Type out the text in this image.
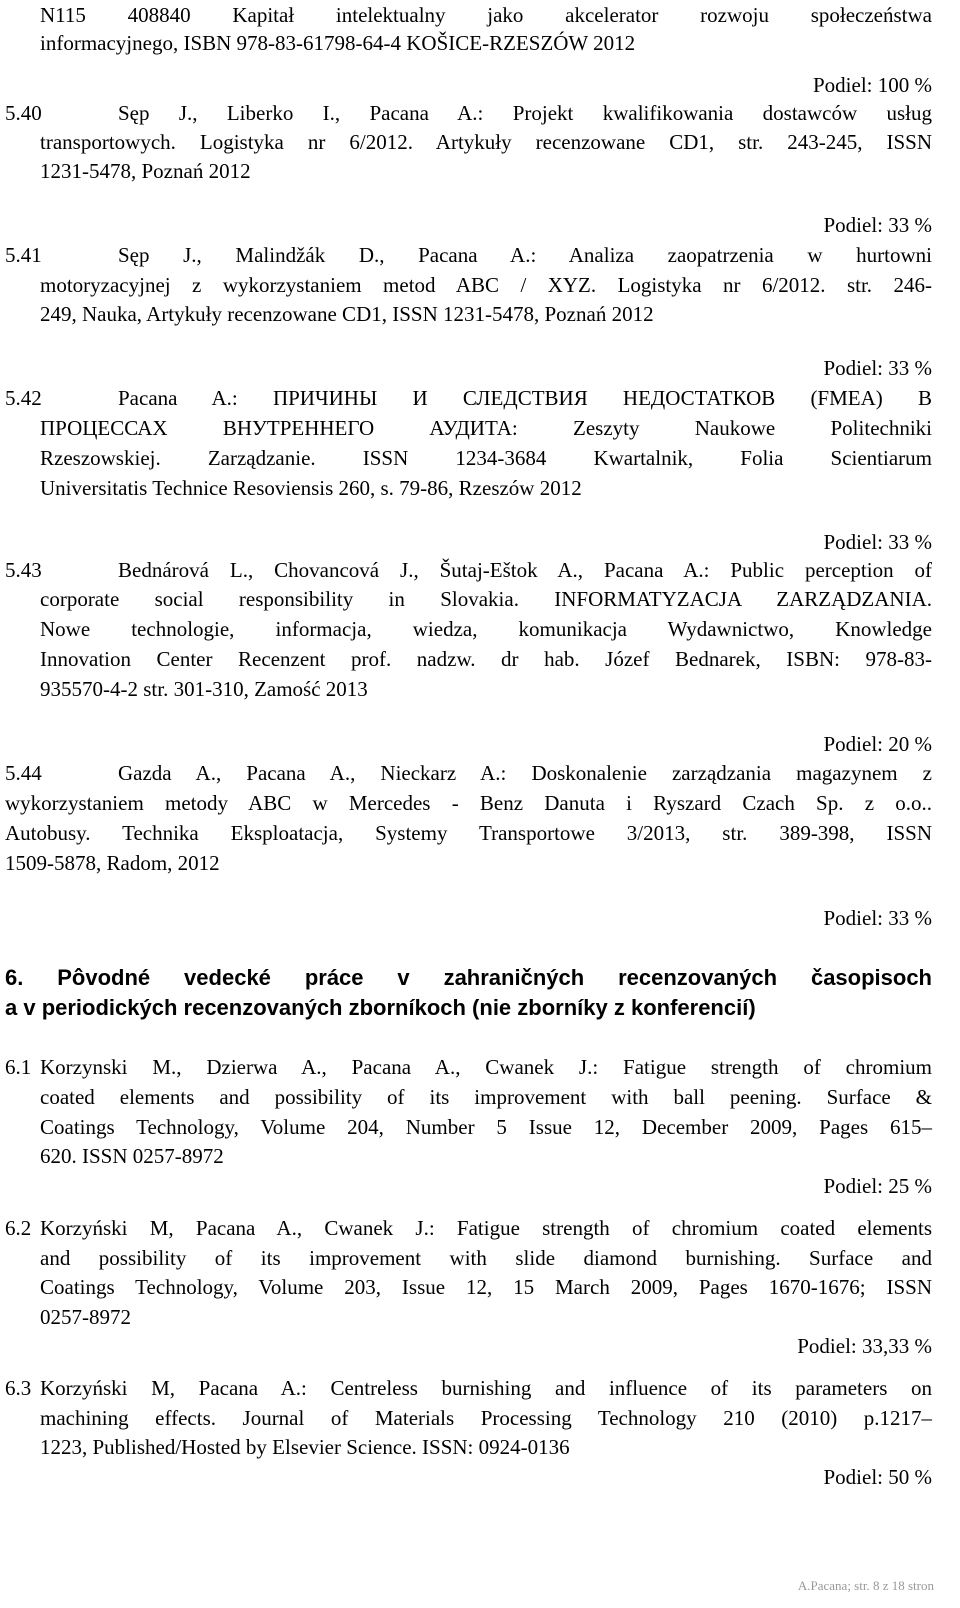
N115 408840 Kapitał intelektualny jako akcelerator rozwoju społeczeństwa
informacyjnego, ISBN 978-83-61798-64-4 KOŠICE-RZESZÓW 2012
Podiel: 100 %
5.40	Sęp J., Liberko I., Pacana A.: Projekt kwalifikowania dostawców usług
transportowych. Logistyka nr 6/2012. Artykuły recenzowane CD1, str. 243-245, ISSN
1231-5478, Poznań 2012
Podiel: 33 %
5.41	Sęp J., Malindžák D., Pacana A.: Analiza zaopatrzenia w hurtowni
motoryzacyjnej z wykorzystaniem metod ABC / XYZ. Logistyka nr 6/2012. str. 246-
249, Nauka, Artykuły recenzowane CD1, ISSN 1231-5478, Poznań 2012
Podiel: 33 %
5.42	Pacana A.: ПРИЧИНЫ И СЛЕДСТВИЯ НЕДОСТАТКОВ (FMEA) В
ПРОЦЕССАХ ВНУТРЕННЕГО АУДИТА: Zeszyty Naukowe Politechniki
Rzeszowskiej. Zarządzanie. ISSN 1234-3684 Kwartalnik, Folia Scientiarum
Universitatis Technice Resoviensis 260, s. 79-86, Rzeszów 2012
Podiel: 33 %
5.43	Bednárová L., Chovancová J., Šutaj-Eštok A., Pacana A.: Public perception of
corporate social responsibility in Slovakia. INFORMATYZACJA ZARZĄDZANIA.
Nowe technologie, informacja, wiedza, komunikacja Wydawnictwo, Knowledge
Innovation Center Recenzent prof. nadzw. dr hab. Józef Bednarek, ISBN: 978-83-
935570-4-2 str. 301-310, Zamość 2013
Podiel: 20 %
5.44	Gazda A., Pacana A., Nieckarz A.: Doskonalenie zarządzania magazynem z
wykorzystaniem metody ABC w Mercedes - Benz Danuta i Ryszard Czach Sp. z o.o..
Autobusy. Technika Eksploatacja, Systemy Transportowe 3/2013, str. 389-398, ISSN
1509-5878, Radom, 2012
Podiel: 33 %
6. Pôvodné vedecké práce v zahraničných recenzovaných časopisoch
a v periodických recenzovaných zborníkoch (nie zborníky z konferencií)
6.1 Korzynski M., Dzierwa A., Pacana A., Cwanek J.: Fatigue strength of chromium
coated elements and possibility of its improvement with ball peening. Surface &
Coatings Technology, Volume 204, Number 5 Issue 12, December 2009, Pages 615–
620. ISSN 0257-8972
Podiel: 25 %
6.2 Korzyński M, Pacana A., Cwanek J.: Fatigue strength of chromium coated elements
and possibility of its improvement with slide diamond burnishing. Surface and
Coatings Technology, Volume 203, Issue 12, 15 March 2009, Pages 1670-1676; ISSN
0257-8972
Podiel: 33,33 %
6.3 Korzyński M, Pacana A.: Centreless burnishing and influence of its parameters on
machining effects. Journal of Materials Processing Technology 210 (2010) p.1217–
1223, Published/Hosted by Elsevier Science. ISSN: 0924-0136
Podiel: 50 %
A.Pacana; str. 8 z 18 stron
